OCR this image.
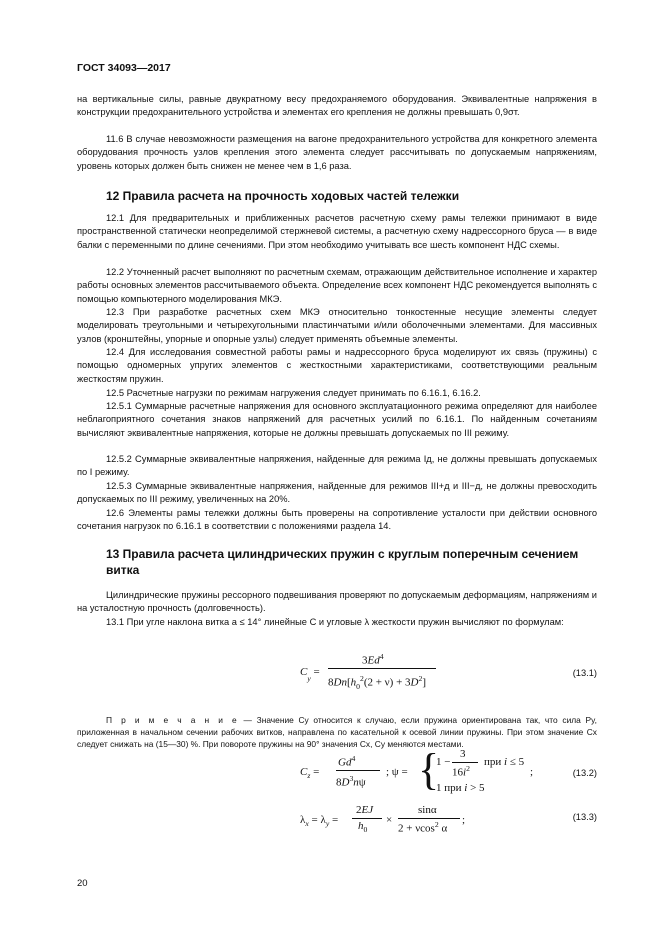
ГОСТ 34093—2017
на вертикальные силы, равные двукратному весу предохраняемого оборудования. Эквивалентные напряжения в конструкции предохранительного устройства и элементах его крепления не должны превышать 0,9σт.
11.6 В случае невозможности размещения на вагоне предохранительного устройства для конкретного элемента оборудования прочность узлов крепления этого элемента следует рассчитывать по допускаемым напряжениям, уровень которых должен быть снижен не менее чем в 1,6 раза.
12 Правила расчета на прочность ходовых частей тележки
12.1 Для предварительных и приближенных расчетов расчетную схему рамы тележки принимают в виде пространственной статически неопределимой стержневой системы, а расчетную схему надрессорного бруса — в виде балки с переменными по длине сечениями. При этом необходимо учитывать все шесть компонент НДС схемы.
12.2 Уточненный расчет выполняют по расчетным схемам, отражающим действительное исполнение и характер работы основных элементов рассчитываемого объекта. Определение всех компонент НДС рекомендуется выполнять с помощью компьютерного моделирования МКЭ.
12.3 При разработке расчетных схем МКЭ относительно тонкостенные несущие элементы следует моделировать треугольными и четырехугольными пластинчатыми и/или оболочечными элементами. Для массивных узлов (кронштейны, упорные и опорные узлы) следует применять объемные элементы.
12.4 Для исследования совместной работы рамы и надрессорного бруса моделируют их связь (пружины) с помощью одномерных упругих элементов с жесткостными характеристиками, соответствующими реальным жесткостям пружин.
12.5 Расчетные нагрузки по режимам нагружения следует принимать по 6.16.1, 6.16.2.
12.5.1 Суммарные расчетные напряжения для основного эксплуатационного режима определяют для наиболее неблагоприятного сочетания знаков напряжений для расчетных усилий по 6.16.1. По найденным сочетаниям вычисляют эквивалентные напряжения, которые не должны превышать допускаемых по III режиму.
12.5.2 Суммарные эквивалентные напряжения, найденные для режима Iд, не должны превышать допускаемых по I режиму.
12.5.3 Суммарные эквивалентные напряжения, найденные для режимов III+д и III−д, не должны превосходить допускаемых по III режиму, увеличенных на 20%.
12.6 Элементы рамы тележки должны быть проверены на сопротивление усталости при действии основного сочетания нагрузок по 6.16.1 в соответствии с положениями раздела 14.
13 Правила расчета цилиндрических пружин с круглым поперечным сечением витка
Цилиндрические пружины рессорного подвешивания проверяют по допускаемым деформациям, напряжениям и на усталостную прочность (долговечность).
13.1 При угле наклона витка a ≤ 14° линейные C и угловые λ жесткости пружин вычисляют по формулам:
$C_y$ =
$3Ed^4$
$8Dn[h_0^2(2 + \nu) + 3D^2]$
(13.1)
П р и м е ч а н и е — Значение Cy относится к случаю, если пружина ориентирована так, что сила Py, приложенная в начальном сечении рабочих витков, направлена по касательной к осевой линии пружины. При этом значение Cx следует снижать на (15—30) %. При повороте пружины на 90° значения Cx, Cy меняются местами.
$C_z$ =
$Gd^4$
$8D^3n\psi$
; ψ = {
1 −
3
$16i^2$
при i ≤ 5
1 при i > 5
;	(13.2)
$\lambda_x = \lambda_y$ =
2EJ
$h_0$
×
sinα
2 + νcos$^2$ α
;	(13.3)
20
